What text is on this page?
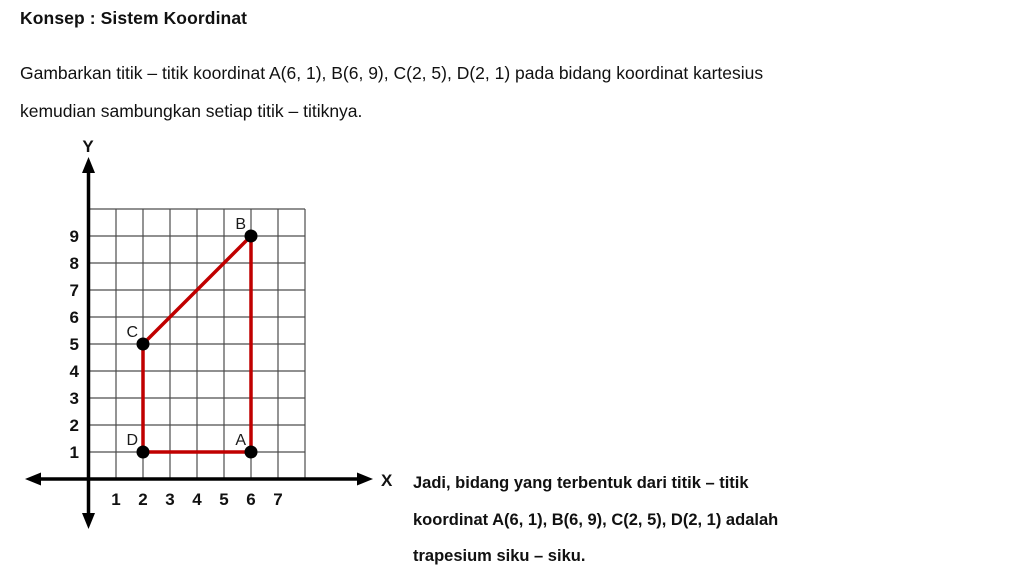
Konsep : Sistem Koordinat
Gambarkan titik – titik koordinat A(6, 1), B(6, 9), C(2, 5), D(2, 1) pada bidang koordinat kartesius
kemudian sambungkan setiap titik – titiknya.
Y
X
9
8
7
6
5
4
3
2
1
1 2 3 4 5 6 7
A
B
C
D
Jadi, bidang yang terbentuk dari titik – titik
koordinat A(6, 1), B(6, 9), C(2, 5), D(2, 1) adalah
trapesium siku – siku.
